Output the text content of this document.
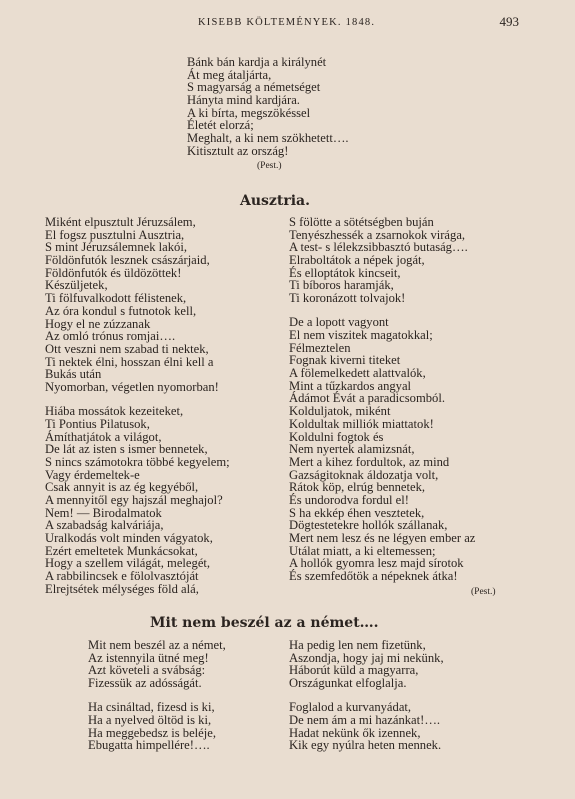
KISEBB KÖLTEMÉNYEK. 1848.	493
Bánk bán kardja a királynét
Át meg átaljárta,
S magyarság a németséget
Hányta mind kardjára.
A ki bírta, megszökéssel
Életét elorzá;
Meghalt, a ki nem szökhetett….
Kitisztult az ország!
(Pest.)
Ausztria.
Miként elpusztult Jéruzsálem,
El fogsz pusztulni Ausztria,
S mint Jéruzsálemnek lakói,
Földönfutók lesznek császárjaid,
Földönfutók és üldözöttek!
Készüljetek,
Ti fölfuvalkodott félistenek,
Az óra kondul s futnotok kell,
Hogy el ne zúzzanak
Az omló trónus romjai….
Ott veszni nem szabad ti nektek,
Ti nektek élni, hosszan élni kell a
Bukás után
Nyomorban, végetlen nyomorban!
Hiába mossátok kezeiteket,
Ti Pontius Pilatusok,
Ámíthatjátok a világot,
De lát az isten s ismer bennetek,
S nincs számotokra többé kegyelem;
Vagy érdemeltek-e
Csak annyit is az ég kegyéből,
A mennyitől egy hajszál meghajol?
Nem! — Birodalmatok
A szabadság kalváriája,
Uralkodás volt minden vágyatok,
Ezért emeltetek Munkácsokat,
Hogy a szellem világát, melegét,
A rabbilincsek e fölolvasztóját
Elrejtsétek mélységes föld alá,
S fölötte a sötétségben buján
Tenyészhessék a zsarnokok virága,
A test- s lélekzsibbasztó butaság….
Elraboltátok a népek jogát,
És elloptátok kincseit,
Ti bíboros haramják,
Ti koronázott tolvajok!
De a lopott vagyont
El nem viszitek magatokkal;
Félmeztelen
Fognak kiverni titeket
A fölemelkedett alattvalók,
Mint a tűzkardos angyal
Ádámot Évát a paradicsomból.
Kolduljatok, miként
Koldultak milliók miattatok!
Koldulni fogtok és
Nem nyertek alamizsnát,
Mert a kihez fordultok, az mind
Gazságitoknak áldozatja volt,
Rátok köp, elrúg bennetek,
És undorodva fordul el!
S ha ekkép éhen vesztetek,
Dögtestetekre hollók szállanak,
Mert nem lesz és ne légyen ember az
Utálat miatt, a ki eltemessen;
A hollók gyomra lesz majd sírotok
És szemfedőtök a népeknek átka!
(Pest.)
Mit nem beszél az a német….
Mit nem beszél az a német,
Az istennyila ütné meg!
Azt követeli a svábság:
Fizessük az adósságát.
Ha csináltad, fizesd is ki,
Ha a nyelved öltöd is ki,
Ha meggebedsz is beléje,
Ebugatta himpellére!….
Ha pedig len nem fizetünk,
Aszondja, hogy jaj mi nekünk,
Háborút küld a magyarra,
Országunkat elfoglalja.
Foglalod a kurvanyádat,
De nem ám a mi hazánkat!….
Hadat nekünk ők izennek,
Kik egy nyúlra heten mennek.
